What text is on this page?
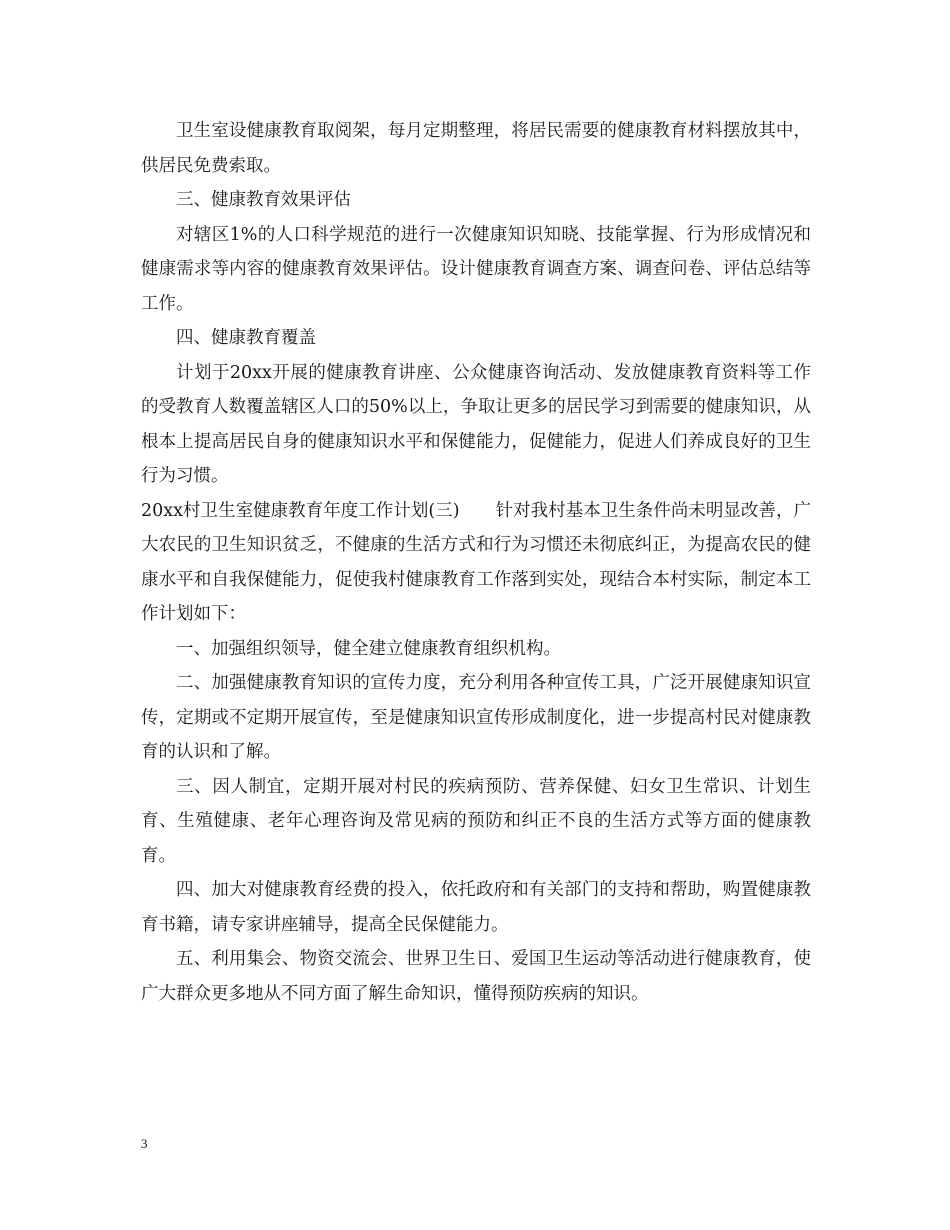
卫生室设健康教育取阅架，每月定期整理，将居民需要的健康教育材料摆放其中，供居民免费索取。

三、健康教育效果评估

对辖区1%的人口科学规范的进行一次健康知识知晓、技能掌握、行为形成情况和健康需求等内容的健康教育效果评估。设计健康教育调查方案、调查问卷、评估总结等工作。

四、健康教育覆盖

计划于20xx开展的健康教育讲座、公众健康咨询活动、发放健康教育资料等工作的受教育人数覆盖辖区人口的50%以上，争取让更多的居民学习到需要的健康知识，从根本上提高居民自身的健康知识水平和保健能力，促健能力，促进人们养成良好的卫生行为习惯。

20xx村卫生室健康教育年度工作计划(三) 针对我村基本卫生条件尚未明显改善，广大农民的卫生知识贫乏，不健康的生活方式和行为习惯还未彻底纠正，为提高农民的健康水平和自我保健能力，促使我村健康教育工作落到实处，现结合本村实际，制定本工作计划如下：

一、加强组织领导，健全建立健康教育组织机构。

二、加强健康教育知识的宣传力度，充分利用各种宣传工具，广泛开展健康知识宣传，定期或不定期开展宣传，至是健康知识宣传形成制度化，进一步提高村民对健康教育的认识和了解。

三、因人制宜，定期开展对村民的疾病预防、营养保健、妇女卫生常识、计划生育、生殖健康、老年心理咨询及常见病的预防和纠正不良的生活方式等方面的健康教育。

四、加大对健康教育经费的投入，依托政府和有关部门的支持和帮助，购置健康教育书籍，请专家讲座辅导，提高全民保健能力。

五、利用集会、物资交流会、世界卫生日、爱国卫生运动等活动进行健康教育，使广大群众更多地从不同方面了解生命知识，懂得预防疾病的知识。

3
